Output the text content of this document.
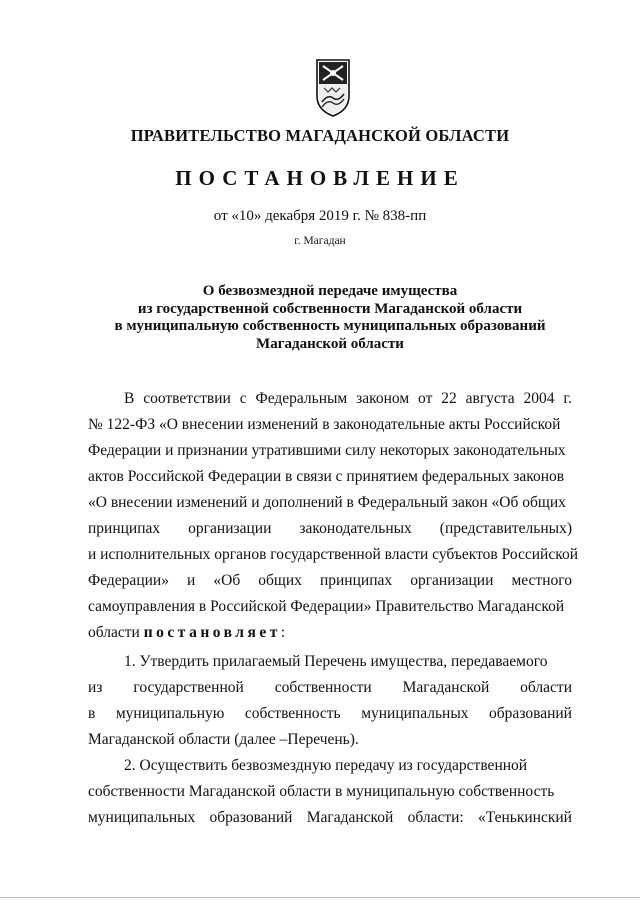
ПРАВИТЕЛЬСТВО МАГАДАНСКОЙ ОБЛАСТИ
ПОСТАНОВЛЕНИЕ
от «10» декабря 2019 г. № 838-пп
г. Магадан
О безвозмездной передаче имущества
из государственной собственности Магаданской области
в муниципальную собственность муниципальных образований
Магаданской области
В соответствии с Федеральным законом от 22 августа 2004 г.
№ 122-ФЗ «О внесении изменений в законодательные акты Российской
Федерации и признании утратившими силу некоторых законодательных
актов Российской Федерации в связи с принятием федеральных законов
«О внесении изменений и дополнений в Федеральный закон «Об общих
принципах организации законодательных (представительных)
и исполнительных органов государственной власти субъектов Российской
Федерации» и «Об общих принципах организации местного
самоуправления в Российской Федерации» Правительство Магаданской
области постановляет:
1. Утвердить прилагаемый Перечень имущества, передаваемого
из государственной собственности Магаданской области
в муниципальную собственность муниципальных образований
Магаданской области (далее –Перечень).
2. Осуществить безвозмездную передачу из государственной
собственности Магаданской области в муниципальную собственность
муниципальных образований Магаданской области: «Тенькинский
